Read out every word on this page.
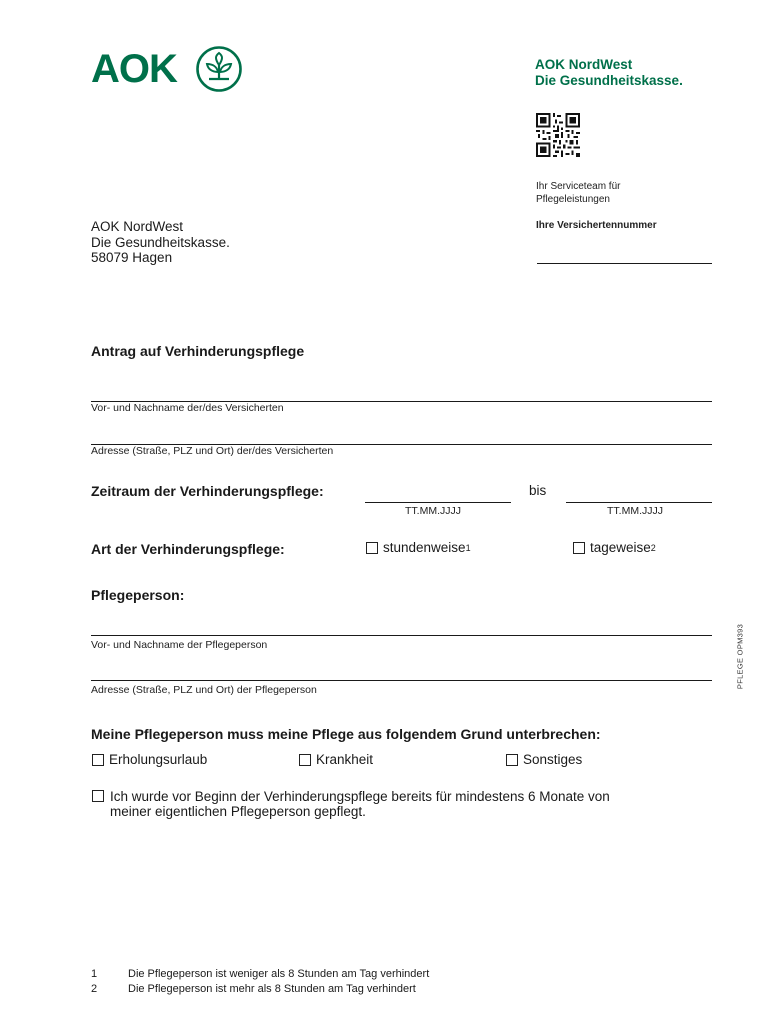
AOK	AOK NordWest
Die Gesundheitskasse.
Ihr Serviceteam für
Pflegeleistungen
Ihre Versichertennummer
AOK NordWest
Die Gesundheitskasse.
58079 Hagen
Antrag auf Verhinderungspflege
Vor- und Nachname der/des Versicherten
Adresse (Straße, PLZ und Ort) der/des Versicherten
Zeitraum der Verhinderungspflege:	bis
TT.MM.JJJJ	TT.MM.JJJJ
Art der Verhinderungspflege:	stundenweise 1	tageweise 2
Pflegeperson:
Vor- und Nachname der Pflegeperson
Adresse (Straße, PLZ und Ort) der Pflegeperson
PFLEGE OPM393
Meine Pflegeperson muss meine Pflege aus folgendem Grund unterbrechen:
Erholungsurlaub	Krankheit	Sonstiges
Ich wurde vor Beginn der Verhinderungspflege bereits für mindestens 6 Monate von
meiner eigentlichen Pflegeperson gepflegt.
1	Die Pflegeperson ist weniger als 8 Stunden am Tag verhindert
2	Die Pflegeperson ist mehr als 8 Stunden am Tag verhindert
